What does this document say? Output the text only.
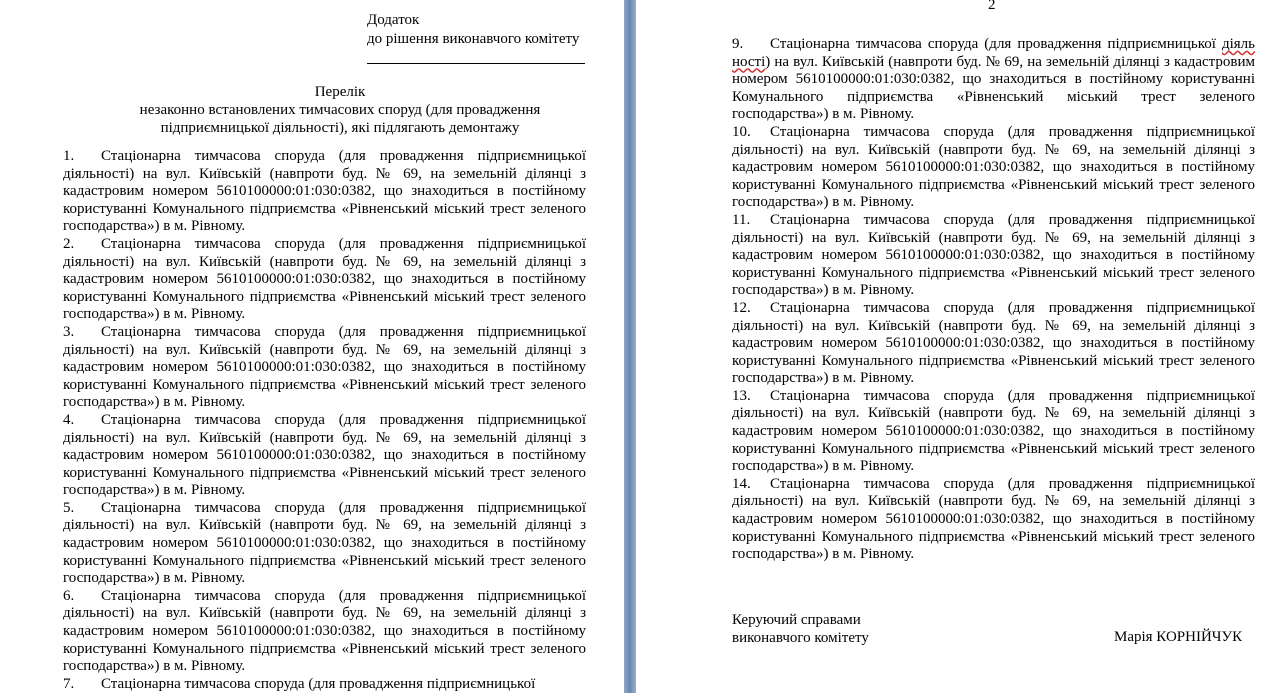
Додаток
до рішення виконавчого комітету
Перелік
незаконно встановлених тимчасових споруд (для провадження
підприємницької діяльності), які підлягають демонтажу

1. Стаціонарна тимчасова споруда (для провадження підприємницької діяльності) на вул. Київській (навпроти буд. № 69, на земельній ділянці з кадастровим номером 5610100000:01:030:0382, що знаходиться в постійному користуванні Комунального підприємства «Рівненський міський трест зеленого господарства») в м. Рівному.

2. Стаціонарна тимчасова споруда (для провадження підприємницької діяльності) на вул. Київській (навпроти буд. № 69, на земельній ділянці з кадастровим номером 5610100000:01:030:0382, що знаходиться в постійному користуванні Комунального підприємства «Рівненський міський трест зеленого господарства») в м. Рівному.

3. Стаціонарна тимчасова споруда (для провадження підприємницької діяльності) на вул. Київській (навпроти буд. № 69, на земельній ділянці з кадастровим номером 5610100000:01:030:0382, що знаходиться в постійному користуванні Комунального підприємства «Рівненський міський трест зеленого господарства») в м. Рівному.

4. Стаціонарна тимчасова споруда (для провадження підприємницької діяльності) на вул. Київській (навпроти буд. № 69, на земельній ділянці з кадастровим номером 5610100000:01:030:0382, що знаходиться в постійному користуванні Комунального підприємства «Рівненський міський трест зеленого господарства») в м. Рівному.

5. Стаціонарна тимчасова споруда (для провадження підприємницької діяльності) на вул. Київській (навпроти буд. № 69, на земельній ділянці з кадастровим номером 5610100000:01:030:0382, що знаходиться в постійному користуванні Комунального підприємства «Рівненський міський трест зеленого господарства») в м. Рівному.

6. Стаціонарна тимчасова споруда (для провадження підприємницької діяльності) на вул. Київській (навпроти буд. № 69, на земельній ділянці з кадастровим номером 5610100000:01:030:0382, що знаходиться в постійному користуванні Комунального підприємства «Рівненський міський трест зеленого господарства») в м. Рівному.

7. Стаціонарна тимчасова споруда (для провадження підприємницької

2

9. Стаціонарна тимчасова споруда (для провадження підприємницької діяль ності) на вул. Київській (навпроти буд. № 69, на земельній ділянці з кадастровим номером 5610100000:01:030:0382, що знаходиться в постійному користуванні Комунального підприємства «Рівненський міський трест зеленого господарства») в м. Рівному.

10. Стаціонарна тимчасова споруда (для провадження підприємницької діяльності) на вул. Київській (навпроти буд. № 69, на земельній ділянці з кадастровим номером 5610100000:01:030:0382, що знаходиться в постійному користуванні Комунального підприємства «Рівненський міський трест зеленого господарства») в м. Рівному.

11. Стаціонарна тимчасова споруда (для провадження підприємницької діяльності) на вул. Київській (навпроти буд. № 69, на земельній ділянці з кадастровим номером 5610100000:01:030:0382, що знаходиться в постійному користуванні Комунального підприємства «Рівненський міський трест зеленого господарства») в м. Рівному.

12. Стаціонарна тимчасова споруда (для провадження підприємницької діяльності) на вул. Київській (навпроти буд. № 69, на земельній ділянці з кадастровим номером 5610100000:01:030:0382, що знаходиться в постійному користуванні Комунального підприємства «Рівненський міський трест зеленого господарства») в м. Рівному.

13. Стаціонарна тимчасова споруда (для провадження підприємницької діяльності) на вул. Київській (навпроти буд. № 69, на земельній ділянці з кадастровим номером 5610100000:01:030:0382, що знаходиться в постійному користуванні Комунального підприємства «Рівненський міський трест зеленого господарства») в м. Рівному.

14. Стаціонарна тимчасова споруда (для провадження підприємницької діяльності) на вул. Київській (навпроти буд. № 69, на земельній ділянці з кадастровим номером 5610100000:01:030:0382, що знаходиться в постійному користуванні Комунального підприємства «Рівненський міський трест зеленого господарства») в м. Рівному.

Керуючий справами
виконавчого комітету	Марія КОРНІЙЧУК
